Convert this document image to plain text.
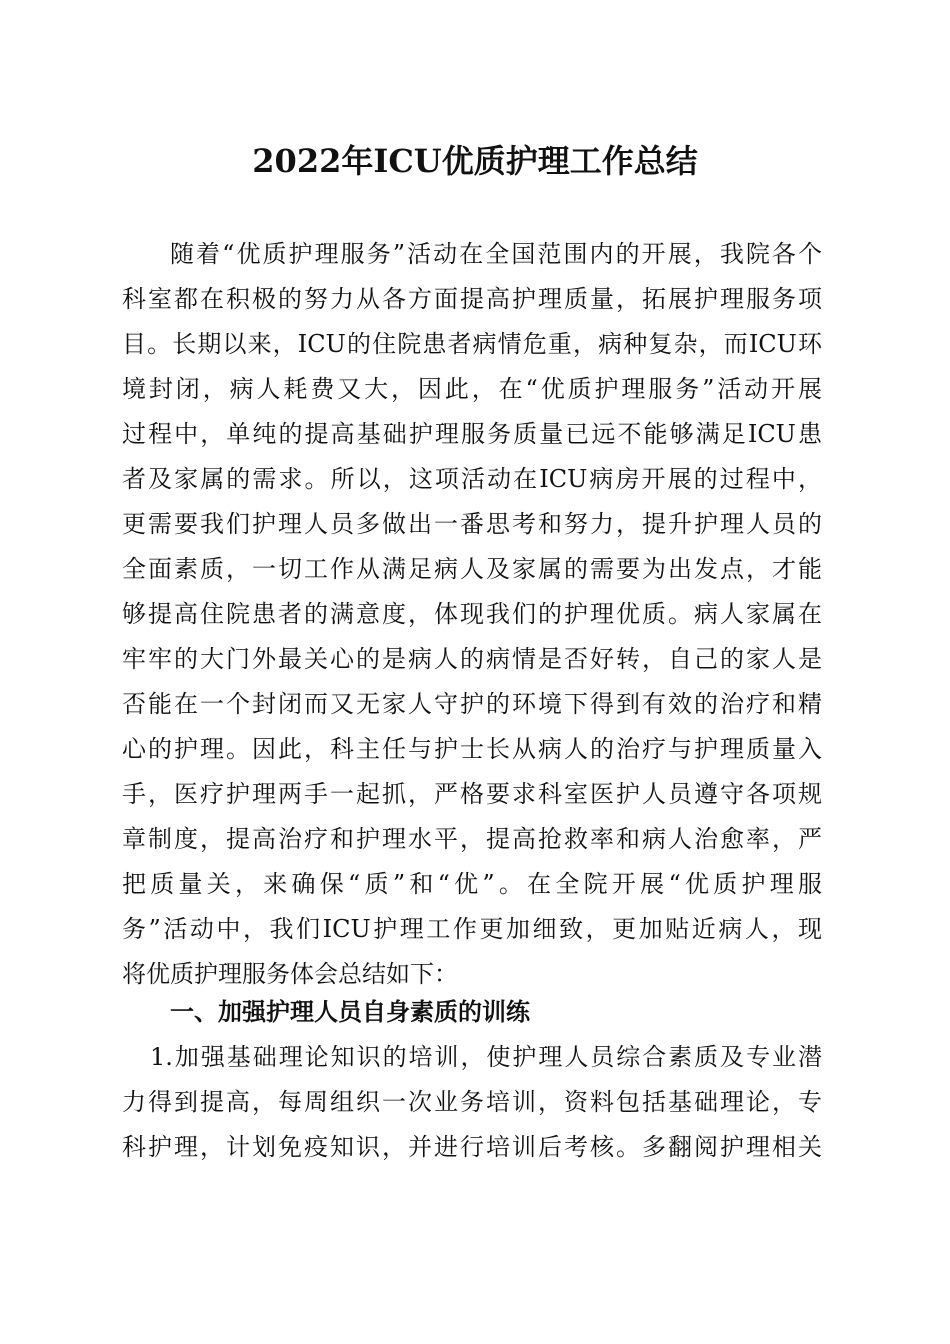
2022年ICU优质护理工作总结
随着“优质护理服务”活动在全国范围内的开展，我院各个
科室都在积极的努力从各方面提高护理质量，拓展护理服务项
目。长期以来，ICU的住院患者病情危重，病种复杂，而ICU环
境封闭，病人耗费又大，因此，在“优质护理服务”活动开展
过程中，单纯的提高基础护理服务质量已远不能够满足ICU患
者及家属的需求。所以，这项活动在ICU病房开展的过程中，
更需要我们护理人员多做出一番思考和努力，提升护理人员的
全面素质，一切工作从满足病人及家属的需要为出发点，才能
够提高住院患者的满意度，体现我们的护理优质。病人家属在
牢牢的大门外最关心的是病人的病情是否好转，自己的家人是
否能在一个封闭而又无家人守护的环境下得到有效的治疗和精
心的护理。因此，科主任与护士长从病人的治疗与护理质量入
手，医疗护理两手一起抓，严格要求科室医护人员遵守各项规
章制度，提高治疗和护理水平，提高抢救率和病人治愈率，严
把质量关，来确保“质”和“优”。在全院开展“优质护理服
务”活动中，我们ICU护理工作更加细致，更加贴近病人，现
将优质护理服务体会总结如下：
一、加强护理人员自身素质的训练
1.加强基础理论知识的培训，使护理人员综合素质及专业潜
力得到提高，每周组织一次业务培训，资料包括基础理论，专
科护理，计划免疫知识，并进行培训后考核。多翻阅护理相关
